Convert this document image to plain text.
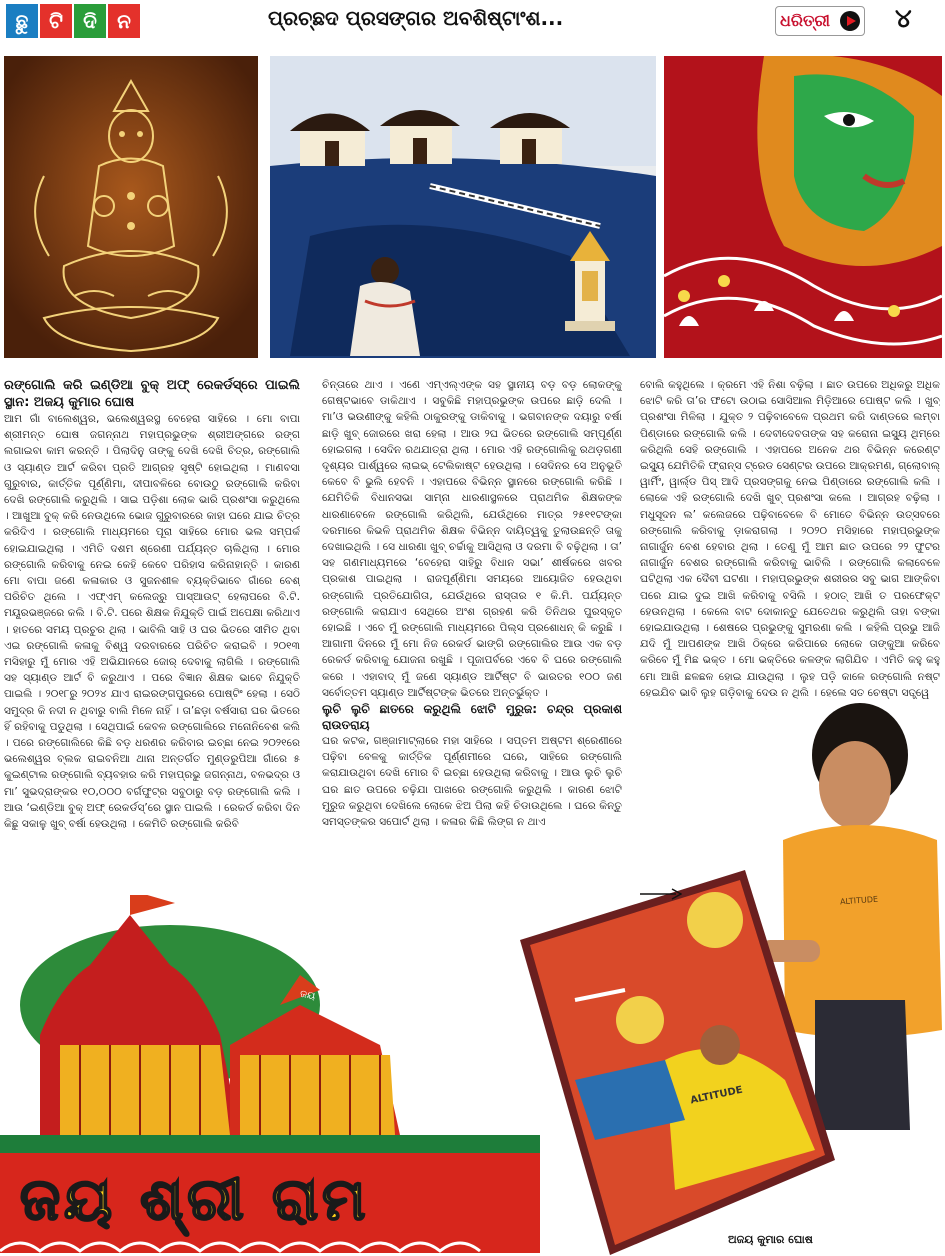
ଛୁ	ଟି	ଦି	ନ	ପ୍ରଚ୍ଛଦ ପ୍ରସଙ୍ଗର ଅବଶିଷ୍ଟାଂଶ...	ଧରିତ୍ରୀ	୪

ରଙ୍ଗୋଲି କରି ଇଣ୍ଡିଆ ବୁକ୍ ଅଫ୍ ରେକର୍ଡସ୍‌ରେ ପାଇଲି ସ୍ଥାନ: ଅଜୟ କୁମାର ଘୋଷ

ଆମ ଗାଁ ବାଲେଶ୍ୱର, ଭଲେଶ୍ୱରସ୍ଥ ବେହେରା ସାହିରେ । ମୋ ବାପା ଶ୍ରୀମନ୍ତ ଘୋଷ ଜଗନ୍ନାଥ ମହାପ୍ରଭୁଙ୍କ ଶ୍ରୀଅଙ୍ଗରେ ରଙ୍ଗ ଲଗାଇବା କାମ କରନ୍ତି । ପିଲାଦିନୁ ତାଙ୍କୁ ଦେଖି ଦେଖି ଚିତ୍ର, ରଙ୍ଗୋଲି ଓ ସ୍ୟାଣ୍ଡ ଆର୍ଟ କରିବା ପ୍ରତି ଆଗ୍ରହ ସୃଷ୍ଟି ହୋଇଥିଲା । ମାଣବସା ଗୁରୁବାର, କାର୍ତ୍ତିକ ପୂର୍ଣ୍ଣିମା, ଦୀପାବଳିରେ ବୋଉଠୁ ରଙ୍ଗୋଲି କରିବା ଦେଖି ରଙ୍ଗୋଲି କରୁଥିଲି । ସାଇ ପଡ଼ିଶା ଲୋକ ଭାରି ପ୍ରଶଂସା କରୁଥିଲେ । ଆଖୁଆ ବୁକ୍ କରି ନେଉଥିଲେ ଭୋଜ ଗୁରୁବାରରେ କାହା ଘରେ ଯାଇ ଚିତ୍ର କରିଦିଏ । ରଙ୍ଗୋଲି ମାଧ୍ୟମରେ ପୂରା ସାହିରେ ମୋର ଭଲ ସମ୍ପର୍କ ହୋଇଯାଇଥିଲା । ଏମିତି ଦଶମ ଶ୍ରେଣୀ ପର୍ଯ୍ୟନ୍ତ ଚାଲିଥିଲା । ମୋର ରଙ୍ଗୋଲି କରିବାକୁ ନେଇ କେହି କେବେ ପରିହାସ କରିନାହାନ୍ତି । କାରଣ ମୋ ବାପା ଜଣେ କଳାକାର ଓ ସୁଜନଶୀଳ ବ୍ୟକ୍ତିଭାବେ ଗାଁରେ ବେଶ୍ ପରିଚିତ ଥିଲେ । ଏଫ୍‌ଏମ୍ କଲେଜ୍‌ରୁ ପାସ୍‌ଆଉଟ୍ ହେଲାପରେ ବି.ଟି. ମୟୂରଭଞ୍ଜରେ କଲି । ବି.ଟି. ପରେ ଶିକ୍ଷକ ନିଯୁକ୍ତି ପାଇଁ ଅପେକ୍ଷା କରିଥାଏ । ହାତରେ ସମୟ ପ୍ରଚୁର ଥିଲା । ଭାବିଲି ସାହି ଓ ଘର ଭିତରେ ସୀମିତ ଥିବା ଏଇ ରଙ୍ଗୋଲି କଳାକୁ ବିଶ୍ୱ ଦରବାରରେ ପରିଚିତ କରାଇବି । ୨୦୧୩ ମସିହାରୁ ମୁଁ ମୋର ଏହି ଅଭିଯାନରେ ଜୋର୍ ଦେବାକୁ ଲାଗିଲି । ରଙ୍ଗୋଲି ସହ ସ୍ୟାଣ୍ଡ ଆର୍ଟ ବି କରୁଥାଏ । ପରେ ବିଜ୍ଞାନ ଶିକ୍ଷକ ଭାବେ ନିଯୁକ୍ତି ପାଇଲି । ୨୦୧୮ରୁ ୨୦୨୪ ଯାଏ ରାଇରଙ୍ଗପୁରରେ ପୋଷ୍ଟିଂ ହେଲା । ସେଠି ସମୁଦ୍ର କି ନଦୀ ନ ଥିବାରୁ ବାଲି ମିଳେ ନାହିଁ । ତା’ଛଡ଼ା ବର୍ଷସାରା ଘର ଭିତରେ ହିଁ ରହିବାକୁ ପଡୁଥିଲା । ସେଥିପାଇଁ କେବଳ ରଙ୍ଗୋଲିରେ ମନୋନିବେଶ କଲି । ପରେ ରଙ୍ଗୋଲିରେ କିଛି ବଡ଼ ଧରଣର କରିବାର ଇଚ୍ଛା ନେଇ ୨୦୨୧ରେ ଭଲେଶ୍ୱର ବ୍ଲକ ରାଇବନିଆ ଥାନା ଅନ୍ତର୍ଗତ ମୁଣ୍ଡରୁପିଆ ଗାଁରେ ୫ କୁଇଣ୍ଟାଲ ରଙ୍ଗୋଲି ବ୍ୟବହାର କରି ମହାପ୍ରଭୁ ଜଗନ୍ନାଥ, ବଳଭଦ୍ର ଓ ମା’ ସୁଭଦ୍ରାଙ୍କର ୧୦,୦୦୦ ବର୍ଗଫୁଟ୍‌ର ସବୁଠାରୁ ବଡ଼ ରଙ୍ଗୋଲି କଲି । ଆଉ ‘ଇଣ୍ଡିଆ ବୁକ୍ ଅଫ୍ ରେକର୍ଡସ୍’ରେ ସ୍ଥାନ ପାଇଲି । ରେକର୍ଡ କରିବା ଦିନ କିଛୁ ସକାଳୁ ଖୁବ୍ ବର୍ଷା ହେଉଥିଲା । କେମିତି ରଙ୍ଗୋଲି କରିବି

ଚିନ୍ତାରେ ଥାଏ । ଏଣେ ଏମ୍‌ଏଲ୍‌ଏଙ୍କ ସହ ସ୍ଥାନୀୟ ବଡ଼ ବଡ଼ ଲୋକଙ୍କୁ ଗେଷ୍ଟଭାବେ ଡାକିଥାଏ । ସବୁକିଛି ମହାପ୍ରଭୁଙ୍କ ଉପରେ ଛାଡ଼ି ଦେଲି । ମା’ଓ ଭଉଣୀଙ୍କୁ କହିଲି ଠାକୁରଙ୍କୁ ଡାକିବାକୁ । ଭଗବାନଙ୍କ ଦୟାରୁ ବର୍ଷା ଛାଡ଼ି ଖୁବ୍ ଜୋରରେ ଖରା ହେଲା । ଆଉ ୨ଘ ଭିତରେ ରଙ୍ଗୋଲି ସମ୍ପୂର୍ଣ୍ଣ ହୋଇଗଲା । ସେଦିନ ରଥଯାତ୍ରା ଥିଲା । ମୋର ଏହି ରଙ୍ଗୋଲିକୁ ରଥଡ଼ଗଣୀ ଦୃଶ୍ୟର ପାର୍ଶ୍ୱରେ ଲାଇଭ୍ ଟେଲିକାଷ୍ଟ ହେଉଥିଲା । ସେଦିନର ସେ ଅନୁଭୂତି କେବେ ବି ଭୁଲି ହେବନି । ଏହାପରେ ବିଭିନ୍ନ ସ୍ଥାନରେ ରଙ୍ଗୋଲି କରିଛି । ଯେମିତିକି ବିଧାନସଭା ସାମ୍ନା ଧାରଣାସ୍ଥଳରେ ପ୍ରାଥମିକ ଶିକ୍ଷକଙ୍କ ଧାରଣାବେଳେ ରଙ୍ଗୋଲି କରିଥିଲି, ଯେଉଁଥିରେ ମାତ୍ର ୨୫୧୧ଟଙ୍କା ଦରମାରେ କିଭଳି ପ୍ରାଥମିକ ଶିକ୍ଷକ ବିଭିନ୍ନ ଦାୟିତ୍ୱକୁ ତୁଲାଉଛନ୍ତି ତାକୁ ଦେଖାଇଥିଲି । ସେ ଧାରଣା ଖୁବ୍ ଚର୍ଚ୍ଚାକୁ ଆସିଥିଲା ଓ ଦରମା ବି ବଢ଼ିଥିଲା । ତା’ ସହ ଗଣମାଧ୍ୟମରେ ‘ବେହେରା ସାହିରୁ ବିଧାନ ସଭା’ ଶୀର୍ଷକରେ ଖବର ପ୍ରକାଶ ପାଇଥିଲା । ରାଜପୂର୍ଣ୍ଣିମା ସମୟରେ ଆୟୋଜିତ ହେଉଥିବା ରଙ୍ଗୋଲି ପ୍ରତିଯୋଗିତା, ଯେଉଁଥିରେ ରାସ୍ତାର ୧ କି.ମି. ପର୍ଯ୍ୟନ୍ତ ରଙ୍ଗୋଲି କରାଯାଏ ସେଥିରେ ଅଂଶ ଗ୍ରହଣ କରି ତିନିଥର ପୁରସ୍କୃତ ହୋଇଛି । ଏବେ ମୁଁ ରଙ୍ଗୋଲି ମାଧ୍ୟମରେ ପିଲ୍ସ ପ୍ରଶୋଧନ୍ କି କରୁଛି । ଆଗାମୀ ଦିନରେ ମୁଁ ମୋ ନିଜ ରେକର୍ଡ ଭାଙ୍ଗି ରଙ୍ଗୋଲିର ଆଉ ଏକ ବଡ଼ ରେକର୍ଡ କରିବାକୁ ଯୋଜନା ରଖୁଛି । ପୂଜାପର୍ବରେ ଏବେ ବି ଘରେ ରଙ୍ଗୋଲି କରେ । ଏହାବାଦ୍ ମୁଁ ଜଣେ ସ୍ୟାଣ୍ଡ ଆର୍ଟିଷ୍ଟ ବି ଭାରତର ୧୦୦ ଜଣ ସର୍ବୋତ୍ତମ ସ୍ୟାଣ୍ଡ ଆର୍ଟିଷ୍ଟଙ୍କ ଭିତରେ ଅନ୍ତର୍ଭୁକ୍ତ ।

ଲୁଚି ଲୁଚି ଛାତରେ କରୁଥିଲି ଝୋଟି ମୁରୁଜ: ଚନ୍ଦ୍ର ପ୍ରକାଶ ରାଉତରାୟ

ଘର କଟକ, ଗଞ୍ଜାମାଟ୍ଲାରେ ମହା ସାହିରେ । ସପ୍ତମ ଅଷ୍ଟମ ଶ୍ରେଣୀରେ ପଢ଼ିବା ବେଳକୁ କାର୍ତ୍ତିକ ପୂର୍ଣ୍ଣମୀରେ ଘରେ, ସାହିରେ ରଙ୍ଗୋଲି କରାଯାଉଥିବା ଦେଖି ମୋର ବି ଇଚ୍ଛା ହେଉଥିଲା କରିବାକୁ । ଆଉ ଲୁଚି ଲୁଚି ଘର ଛାତ ଉପରେ ଚଢ଼ିଯା ପାଖରେ ରଙ୍ଗୋଲି କରୁଥିଲି । କାରଣ ଝୋଟି ମୁରୁଜ କରୁଥିବା ଦେଖିଲେ ଲୋକେ ଝିଅ ପିଲା କହି ଚିଡାଉଥିଲେ । ଘରେ କିନ୍ତୁ ସମସ୍ତଙ୍କର ସପୋର୍ଟ ଥିଲା । କଳାର କିଛି ଲିଙ୍ଗ ନ ଥାଏ

ବୋଲି କହୁଥିଲେ । କ୍ରମେ ଏହି ନିଶା ବଢ଼ିଲା । ଛାତ ଉପରେ ଅଧିକରୁ ଅଧିକ ଝୋଟି କରି ତା’ର ଫଟୋ ଉଠାଇ ସୋସିଆଲ ମିଡ଼ିଆରେ ପୋଷ୍ଟ କଲି । ଖୁବ୍ ପ୍ରଶଂସା ମିଳିଲା । ଯୁକ୍ତ ୨ ପଢ଼ିବାବେଳେ ପ୍ରଥମ କରି ଦାଣ୍ଡରେ ଲମ୍ବା ପିଣ୍ଡାରେ ରଙ୍ଗୋଲି କଲି । ଦେବୀଦେବତାଙ୍କ ସହ କରୋନା ଇସ୍ୟୁ ଥିମ୍‌ରେ କରିଥିଲି ସେହି ରଙ୍ଗୋଲି । ଏହାପରେ ଅନେକ ଥର ବିଭିନ୍ନ କରେଣ୍ଟ ଇସ୍ୟୁ ଯେମିତିକି ଫ୍ରାନ୍ସ ଟ୍ରେଡ ସେଣ୍ଟର ଉପରେ ଆକ୍ରମଣ, ଗ୍ଲୋବାଲ୍ ୱାର୍ମିଂ, ୱାର୍ଲ୍ଡ ପିସ୍ ଆଦି ପ୍ରସଙ୍ଗକୁ ନେଇ ପିଣ୍ଡାରେ ରଙ୍ଗୋଲି କଲି । ଲୋକେ ଏହି ରଙ୍ଗୋଲି ଦେଖି ଖୁବ୍ ପ୍ରଶଂସା କଲେ । ଆଗ୍ରହ ବଢ଼ିଲା । ମଧୁସୂଦନ ଲ’ କଲେଜରେ ପଢ଼ିବାବେଳେ ବି ମୋତେ ବିଭିନ୍ନ ଉତ୍ସବରେ ରଙ୍ଗୋଲି କରିବାକୁ ଡ଼ାକରାଗଲା । ୨୦୨୦ ମସିହାରେ ମହାପ୍ରଭୁଙ୍କ ନାଗାର୍ଜୁନ ବେଶ ହେବାର ଥିଲା । ତେଣୁ ମୁଁ ଆମ ଛାତ ଉପରେ ୨୨ ଫୁଟର ନାଗାର୍ଜୁନ ବେଶର ରଙ୍ଗୋଲି କରିବାକୁ ଭାବିଲି । ରଙ୍ଗୋଲି କଲାବେଳେ ଘଟିଥିଲା ଏକ ଦୈବୀ ଘଟଣା । ମହାପ୍ରଭୁଙ୍କ ଶରୀରର ସବୁ ଭାଗ ଆଙ୍କିବା ପରେ ଯାଇ ଦୁଇ ଆଖି କରିବାକୁ ବସିଲି । ହଠାତ୍ ଆଖି ତ ପରଫେକ୍ଟ ହେଉନଥିଲା । କେଲେ ବାଟ ଦୋକାନ୍ତୁ ଯେତେଥର କରୁଥିଲି ତାହା ବଙ୍କା ହୋଇଯାଉଥିଲା । ଶେଷରେ ପ୍ରଭୁଙ୍କୁ ସୁମରଣା କଲି । କହିଲି ପ୍ରଭୁ ଆଜି ଯଦି ମୁଁ ଆପଣଙ୍କ ଆଖି ଠିକ୍‌ରେ କରିପାରେ ଲୋକେ ତାଙ୍କୁଆ କରିବେ କରିବେ ମୁଁ ମିଛ ଭକ୍ତ । ମୋ ଭକ୍ତିରେ କଳଙ୍କ ଲାଗିଯିବ । ଏମିତି କହୁ କହୁ ମୋ ଆଖି ଛଳଛଳ ହୋଇ ଯାଉଥିଲା । ଲୁହ ପଡ଼ି କାଳେ ରଙ୍ଗୋଲି ନଷ୍ଟ ହେଇଯିବ ଭାବି ଲୁହ ଗଡ଼ିବାକୁ ଦେଉ ନ ଥିଲି । ହେଲେ ସତ ଚେଷ୍ଟା ସତ୍ତ୍ୱେ

ALTITUDE
ALTITUDE
ଜୟ
ଜୟ
ଜୟ ଶ୍ରୀ ରାମ
ଅଜୟ କୁମାର ଘୋଷ
